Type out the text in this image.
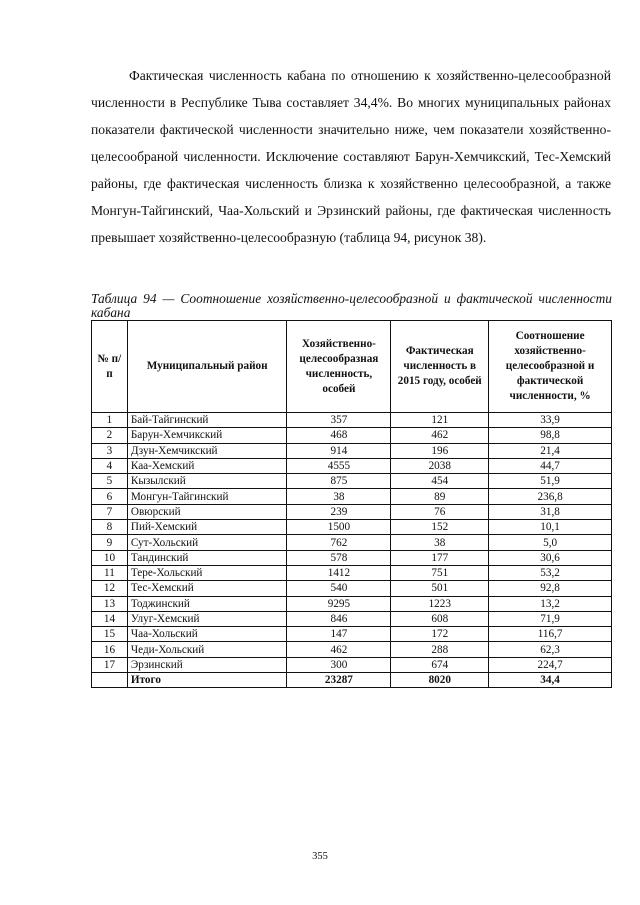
Фактическая численность кабана по отношению к хозяйственно-целесообразной численности в Республике Тыва составляет 34,4%. Во многих муниципальных районах показатели фактической численности значительно ниже, чем показатели хозяйственно-целесообраной численности. Исключение составляют Барун-Хемчикский, Тес-Хемский районы, где фактическая численность близка к хозяйственно целесообразной, а также Монгун-Тайгинский, Чаа-Хольский и Эрзинский районы, где фактическая численность превышает хозяйственно-целесообразную (таблица 94, рисунок 38).

Таблица 94 — Соотношение хозяйственно-целесообразной и фактической численности кабана

№ п/п	Муниципальный район	Хозяйственно-целесообразная численность, особей	Фактическая численность в 2015 году, особей	Соотношение хозяйственно-целесообразной и фактической численности, %
1	Бай-Тайгинский	357	121	33,9
2	Барун-Хемчикский	468	462	98,8
3	Дзун-Хемчикский	914	196	21,4
4	Каа-Хемский	4555	2038	44,7
5	Кызылский	875	454	51,9
6	Монгун-Тайгинский	38	89	236,8
7	Овюрский	239	76	31,8
8	Пий-Хемский	1500	152	10,1
9	Сут-Хольский	762	38	5,0
10	Тандинский	578	177	30,6
11	Тере-Хольский	1412	751	53,2
12	Тес-Хемский	540	501	92,8
13	Тоджинский	9295	1223	13,2
14	Улуг-Хемский	846	608	71,9
15	Чаа-Хольский	147	172	116,7
16	Чеди-Хольский	462	288	62,3
17	Эрзинский	300	674	224,7
	Итого	23287	8020	34,4
355
